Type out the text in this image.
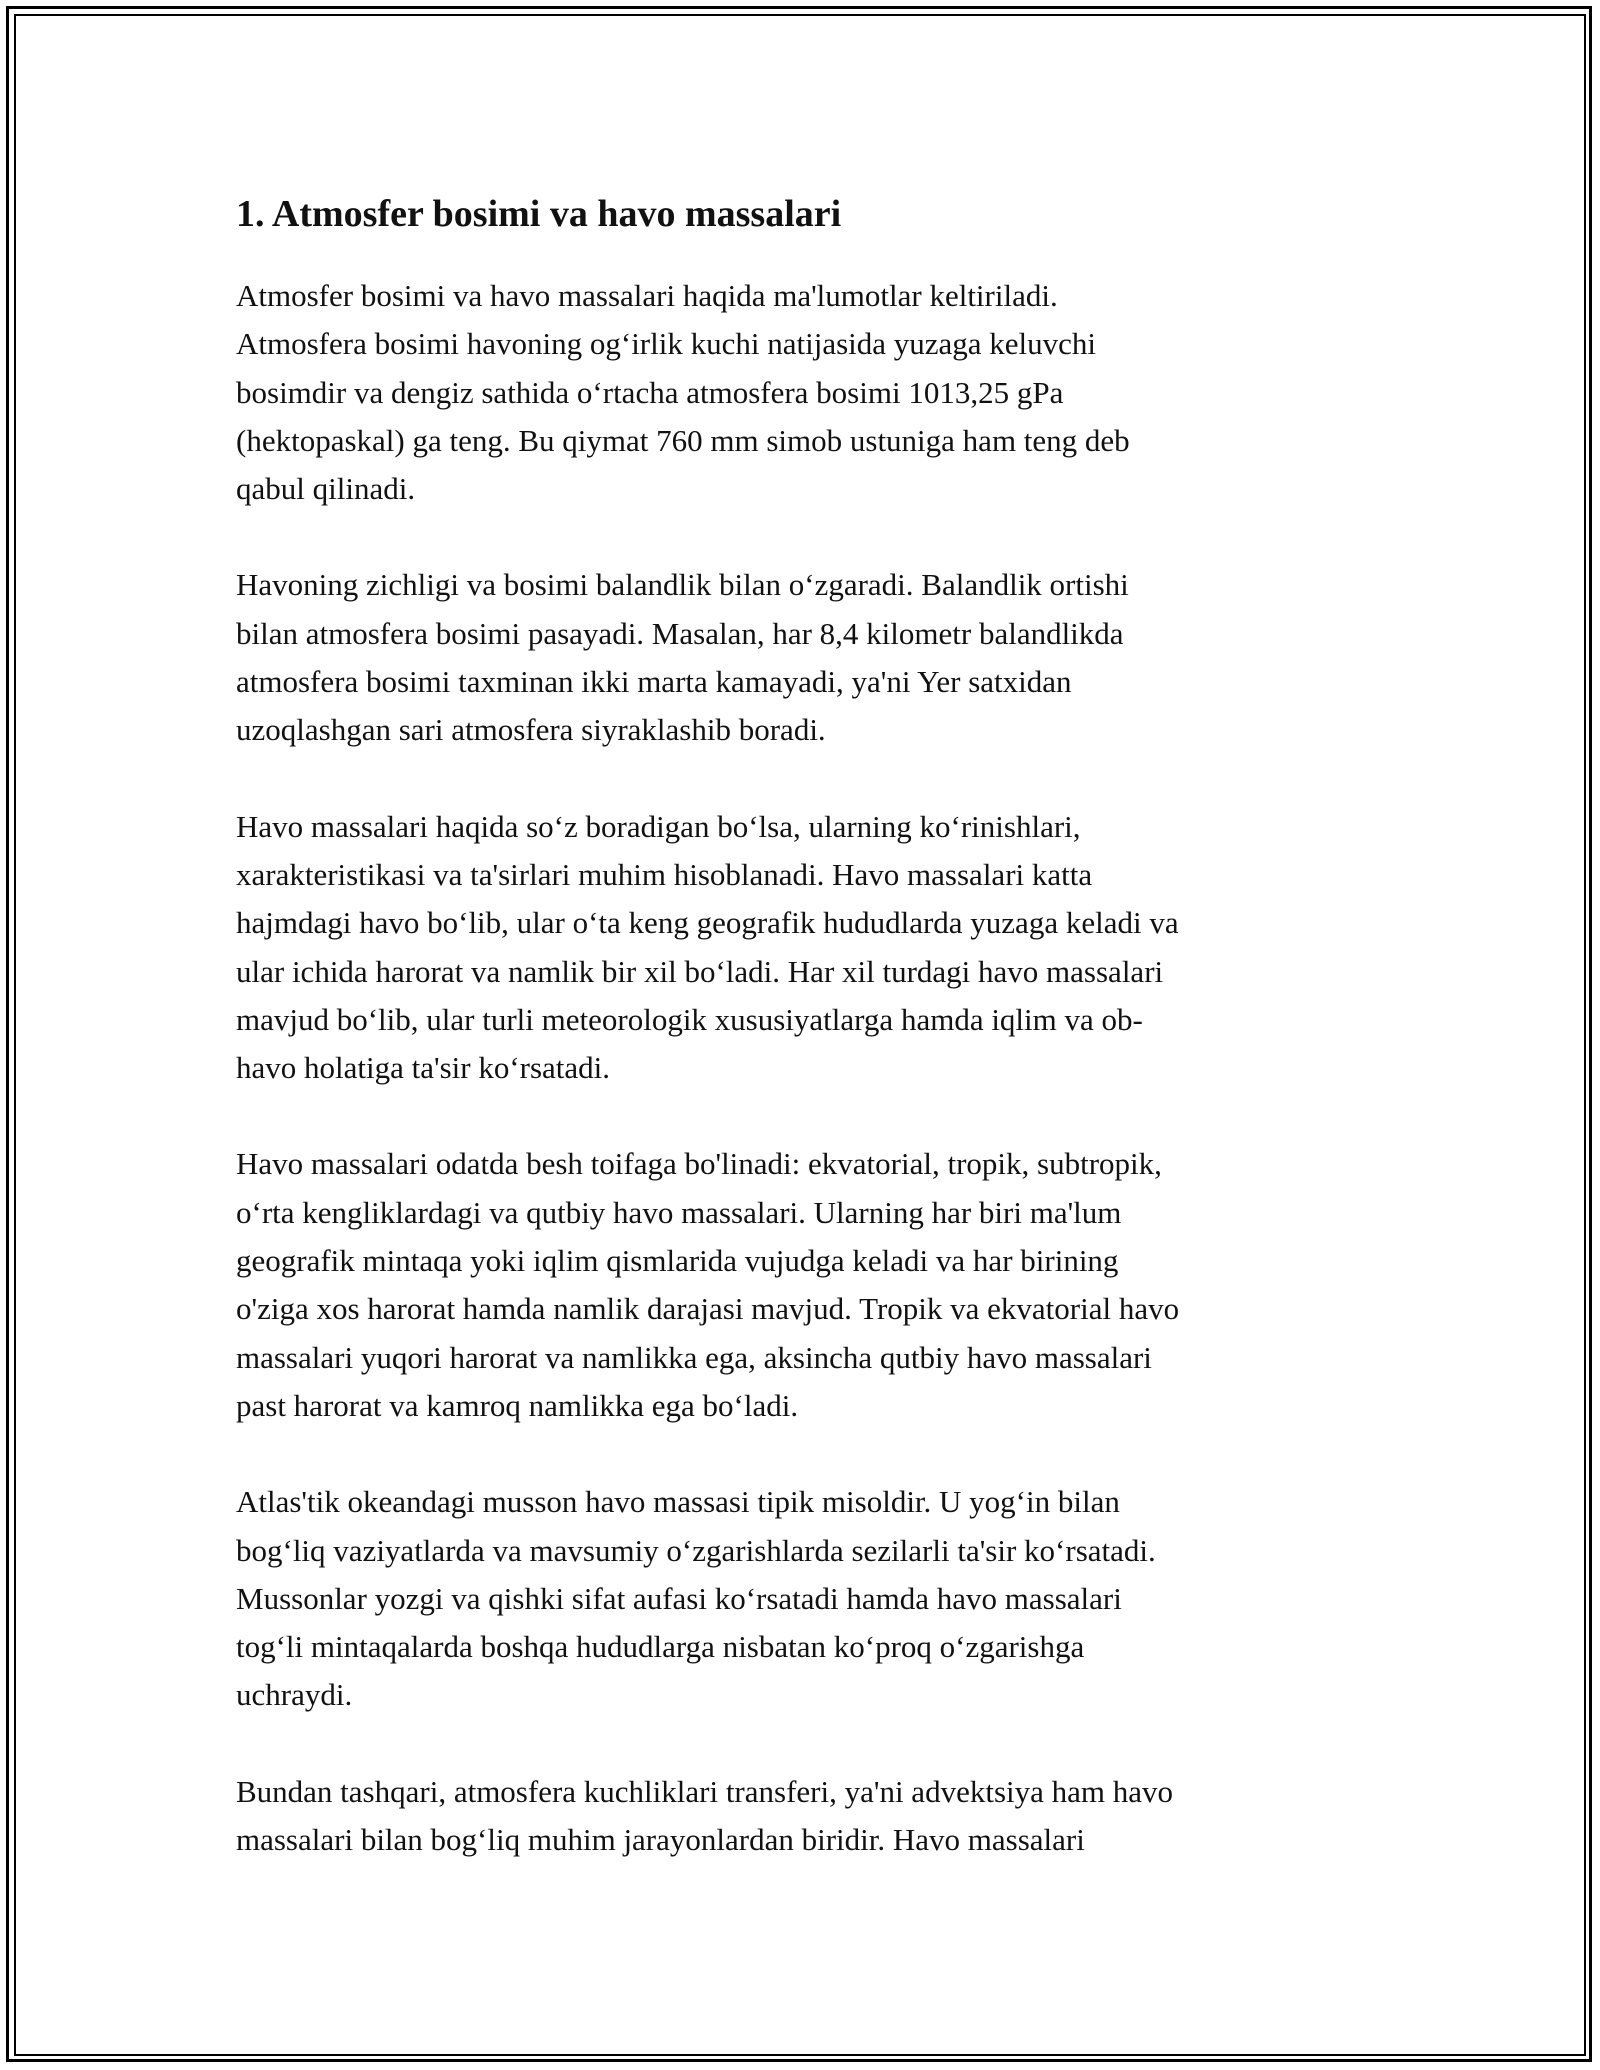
1. Atmosfer bosimi va havo massalari

Atmosfer bosimi va havo massalari haqida ma'lumotlar keltiriladi.
Atmosfera bosimi havoning og‘irlik kuchi natijasida yuzaga keluvchi
bosimdir va dengiz sathida o‘rtacha atmosfera bosimi 1013,25 gPa
(hektopaskal) ga teng. Bu qiymat 760 mm simob ustuniga ham teng deb
qabul qilinadi.

Havoning zichligi va bosimi balandlik bilan o‘zgaradi. Balandlik ortishi
bilan atmosfera bosimi pasayadi. Masalan, har 8,4 kilometr balandlikda
atmosfera bosimi taxminan ikki marta kamayadi, ya'ni Yer satxidan
uzoqlashgan sari atmosfera siyraklashib boradi.

Havo massalari haqida so‘z boradigan bo‘lsa, ularning ko‘rinishlari,
xarakteristikasi va ta'sirlari muhim hisoblanadi. Havo massalari katta
hajmdagi havo bo‘lib, ular o‘ta keng geografik hududlarda yuzaga keladi va
ular ichida harorat va namlik bir xil bo‘ladi. Har xil turdagi havo massalari
mavjud bo‘lib, ular turli meteorologik xususiyatlarga hamda iqlim va ob-
havo holatiga ta'sir ko‘rsatadi.

Havo massalari odatda besh toifaga bo'linadi: ekvatorial, tropik, subtropik,
o‘rta kengliklardagi va qutbiy havo massalari. Ularning har biri ma'lum
geografik mintaqa yoki iqlim qismlarida vujudga keladi va har birining
o'ziga xos harorat hamda namlik darajasi mavjud. Tropik va ekvatorial havo
massalari yuqori harorat va namlikka ega, aksincha qutbiy havo massalari
past harorat va kamroq namlikka ega bo‘ladi.

Atlas'tik okeandagi musson havo massasi tipik misoldir. U yog‘in bilan
bog‘liq vaziyatlarda va mavsumiy o‘zgarishlarda sezilarli ta'sir ko‘rsatadi.
Mussonlar yozgi va qishki sifat aufasi ko‘rsatadi hamda havo massalari
tog‘li mintaqalarda boshqa hududlarga nisbatan ko‘proq o‘zgarishga
uchraydi.

Bundan tashqari, atmosfera kuchliklari transferi, ya'ni advektsiya ham havo
massalari bilan bog‘liq muhim jarayonlardan biridir. Havo massalari
